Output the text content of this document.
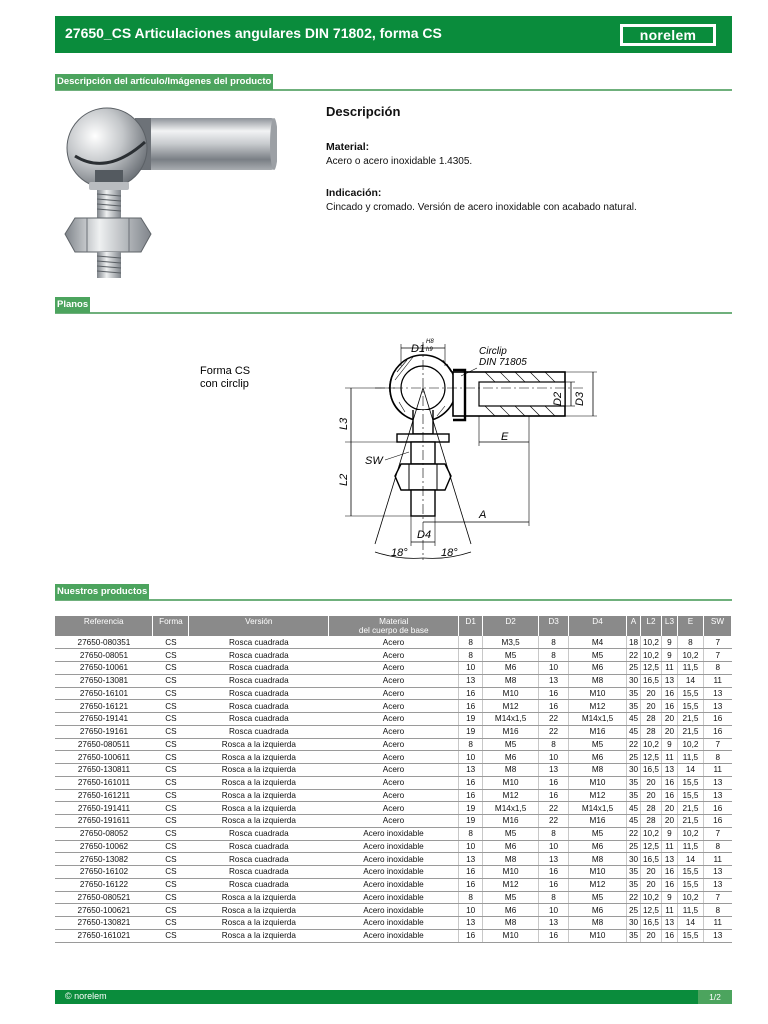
27650_CS Articulaciones angulares DIN 71802, forma CS	norelem
Descripción del artículo/Imágenes del producto
Descripción
Material:
Acero o acero inoxidable 1.4305.
Indicación:
Cincado y cromado. Versión de acero inoxidable con acabado natural.
Planos
Forma CS
con circlip
18°	18°
D1
H8
h9	Circlip
DIN 71805
D2 D3
E
L3
L2
SW
A
D4
Nuestros productos
Referencia	Forma	Versión	Material
del cuerpo de base	D1	D2	D3	D4	A	L2	L3	E	SW
27650-080351	CS	Rosca cuadrada	Acero	8	M3,5	8	M4	18	10,2	9	8	7
27650-08051	CS	Rosca cuadrada	Acero	8	M5	8	M5	22	10,2	9	10,2	7
27650-10061	CS	Rosca cuadrada	Acero	10	M6	10	M6	25	12,5	11	11,5	8
27650-13081	CS	Rosca cuadrada	Acero	13	M8	13	M8	30	16,5	13	14	11
27650-16101	CS	Rosca cuadrada	Acero	16	M10	16	M10	35	20	16	15,5	13
27650-16121	CS	Rosca cuadrada	Acero	16	M12	16	M12	35	20	16	15,5	13
27650-19141	CS	Rosca cuadrada	Acero	19	M14x1,5	22	M14x1,5	45	28	20	21,5	16
27650-19161	CS	Rosca cuadrada	Acero	19	M16	22	M16	45	28	20	21,5	16
27650-080511	CS	Rosca a la izquierda	Acero	8	M5	8	M5	22	10,2	9	10,2	7
27650-100611	CS	Rosca a la izquierda	Acero	10	M6	10	M6	25	12,5	11	11,5	8
27650-130811	CS	Rosca a la izquierda	Acero	13	M8	13	M8	30	16,5	13	14	11
27650-161011	CS	Rosca a la izquierda	Acero	16	M10	16	M10	35	20	16	15,5	13
27650-161211	CS	Rosca a la izquierda	Acero	16	M12	16	M12	35	20	16	15,5	13
27650-191411	CS	Rosca a la izquierda	Acero	19	M14x1,5	22	M14x1,5	45	28	20	21,5	16
27650-191611	CS	Rosca a la izquierda	Acero	19	M16	22	M16	45	28	20	21,5	16
27650-08052	CS	Rosca cuadrada	Acero inoxidable	8	M5	8	M5	22	10,2	9	10,2	7
27650-10062	CS	Rosca cuadrada	Acero inoxidable	10	M6	10	M6	25	12,5	11	11,5	8
27650-13082	CS	Rosca cuadrada	Acero inoxidable	13	M8	13	M8	30	16,5	13	14	11
27650-16102	CS	Rosca cuadrada	Acero inoxidable	16	M10	16	M10	35	20	16	15,5	13
27650-16122	CS	Rosca cuadrada	Acero inoxidable	16	M12	16	M12	35	20	16	15,5	13
27650-080521	CS	Rosca a la izquierda	Acero inoxidable	8	M5	8	M5	22	10,2	9	10,2	7
27650-100621	CS	Rosca a la izquierda	Acero inoxidable	10	M6	10	M6	25	12,5	11	11,5	8
27650-130821	CS	Rosca a la izquierda	Acero inoxidable	13	M8	13	M8	30	16,5	13	14	11
27650-161021	CS	Rosca a la izquierda	Acero inoxidable	16	M10	16	M10	35	20	16	15,5	13
© norelem	1/2
